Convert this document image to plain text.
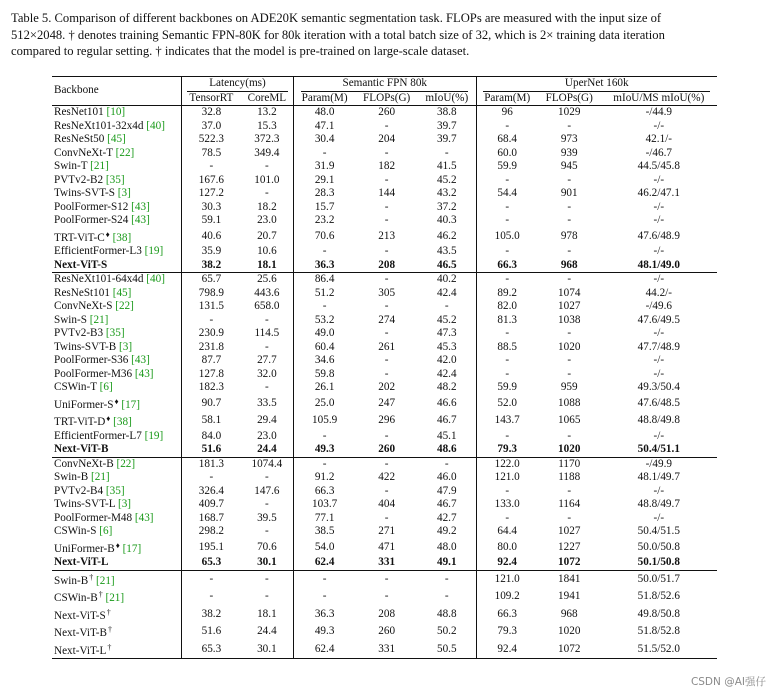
Table 5. Comparison of different backbones on ADE20K semantic segmentation task. FLOPs are measured with the input size of
512×2048. † denotes training Semantic FPN-80K for 80k iteration with a total batch size of 32, which is 2× training data iteration
compared to regular setting. † indicates that the model is pre-trained on large-scale dataset.
Backbone	Latency(ms)		Semantic FPN 80k			UperNet 160k		
	TensorRT	CoreML	Param(M)	FLOPs(G)	mIoU(%)	Param(M)	FLOPs(G)	mIoU/MS mIoU(%)
ResNet101 [10]	32.8	13.2	48.0	260	38.8	96	1029	-/44.9
ResNeXt101-32x4d [40]	37.0	15.3	47.1	-	39.7	-	-	-/-
ResNeSt50 [45]	522.3	372.3	30.4	204	39.7	68.4	973	42.1/-
ConvNeXt-T [22]	78.5	349.4	-	-	-	60.0	939	-/46.7
Swin-T [21]	-	-	31.9	182	41.5	59.9	945	44.5/45.8
PVTv2-B2 [35]	167.6	101.0	29.1	-	45.2	-	-	-/-
Twins-SVT-S [3]	127.2	-	28.3	144	43.2	54.4	901	46.2/47.1
PoolFormer-S12 [43]	30.3	18.2	15.7	-	37.2	-	-	-/-
PoolFormer-S24 [43]	59.1	23.0	23.2	-	40.3	-	-	-/-
TRT-ViT-C♦ [38]	40.6	20.7	70.6	213	46.2	105.0	978	47.6/48.9
EfficientFormer-L3 [19]	35.9	10.6	-	-	43.5	-	-	-/-
Next-ViT-S	38.2	18.1	36.3	208	46.5	66.3	968	48.1/49.0
ResNeXt101-64x4d [40]	65.7	25.6	86.4	-	40.2	-	-	-/-
ResNeSt101 [45]	798.9	443.6	51.2	305	42.4	89.2	1074	44.2/-
ConvNeXt-S [22]	131.5	658.0	-	-	-	82.0	1027	-/49.6
Swin-S [21]	-	-	53.2	274	45.2	81.3	1038	47.6/49.5
PVTv2-B3 [35]	230.9	114.5	49.0	-	47.3	-	-	-/-
Twins-SVT-B [3]	231.8	-	60.4	261	45.3	88.5	1020	47.7/48.9
PoolFormer-S36 [43]	87.7	27.7	34.6	-	42.0	-	-	-/-
PoolFormer-M36 [43]	127.8	32.0	59.8	-	42.4	-	-	-/-
CSWin-T [6]	182.3	-	26.1	202	48.2	59.9	959	49.3/50.4
UniFormer-S♦ [17]	90.7	33.5	25.0	247	46.6	52.0	1088	47.6/48.5
TRT-ViT-D♦ [38]	58.1	29.4	105.9	296	46.7	143.7	1065	48.8/49.8
EfficientFormer-L7 [19]	84.0	23.0	-	-	45.1	-	-	-/-
Next-ViT-B	51.6	24.4	49.3	260	48.6	79.3	1020	50.4/51.1
ConvNeXt-B [22]	181.3	1074.4	-	-	-	122.0	1170	-/49.9
Swin-B [21]	-	-	91.2	422	46.0	121.0	1188	48.1/49.7
PVTv2-B4 [35]	326.4	147.6	66.3	-	47.9	-	-	-/-
Twins-SVT-L [3]	409.7	-	103.7	404	46.7	133.0	1164	48.8/49.7
PoolFormer-M48 [43]	168.7	39.5	77.1	-	42.7	-	-	-/-
CSWin-S [6]	298.2	-	38.5	271	49.2	64.4	1027	50.4/51.5
UniFormer-B♦ [17]	195.1	70.6	54.0	471	48.0	80.0	1227	50.0/50.8
Next-ViT-L	65.3	30.1	62.4	331	49.1	92.4	1072	50.1/50.8
Swin-B† [21]	-	-	-	-	-	121.0	1841	50.0/51.7
CSWin-B† [21]	-	-	-	-	-	109.2	1941	51.8/52.6
Next-ViT-S†	38.2	18.1	36.3	208	48.8	66.3	968	49.8/50.8
Next-ViT-B†	51.6	24.4	49.3	260	50.2	79.3	1020	51.8/52.8
Next-ViT-L†	65.3	30.1	62.4	331	50.5	92.4	1072	51.5/52.0
CSDN @AI强仔
